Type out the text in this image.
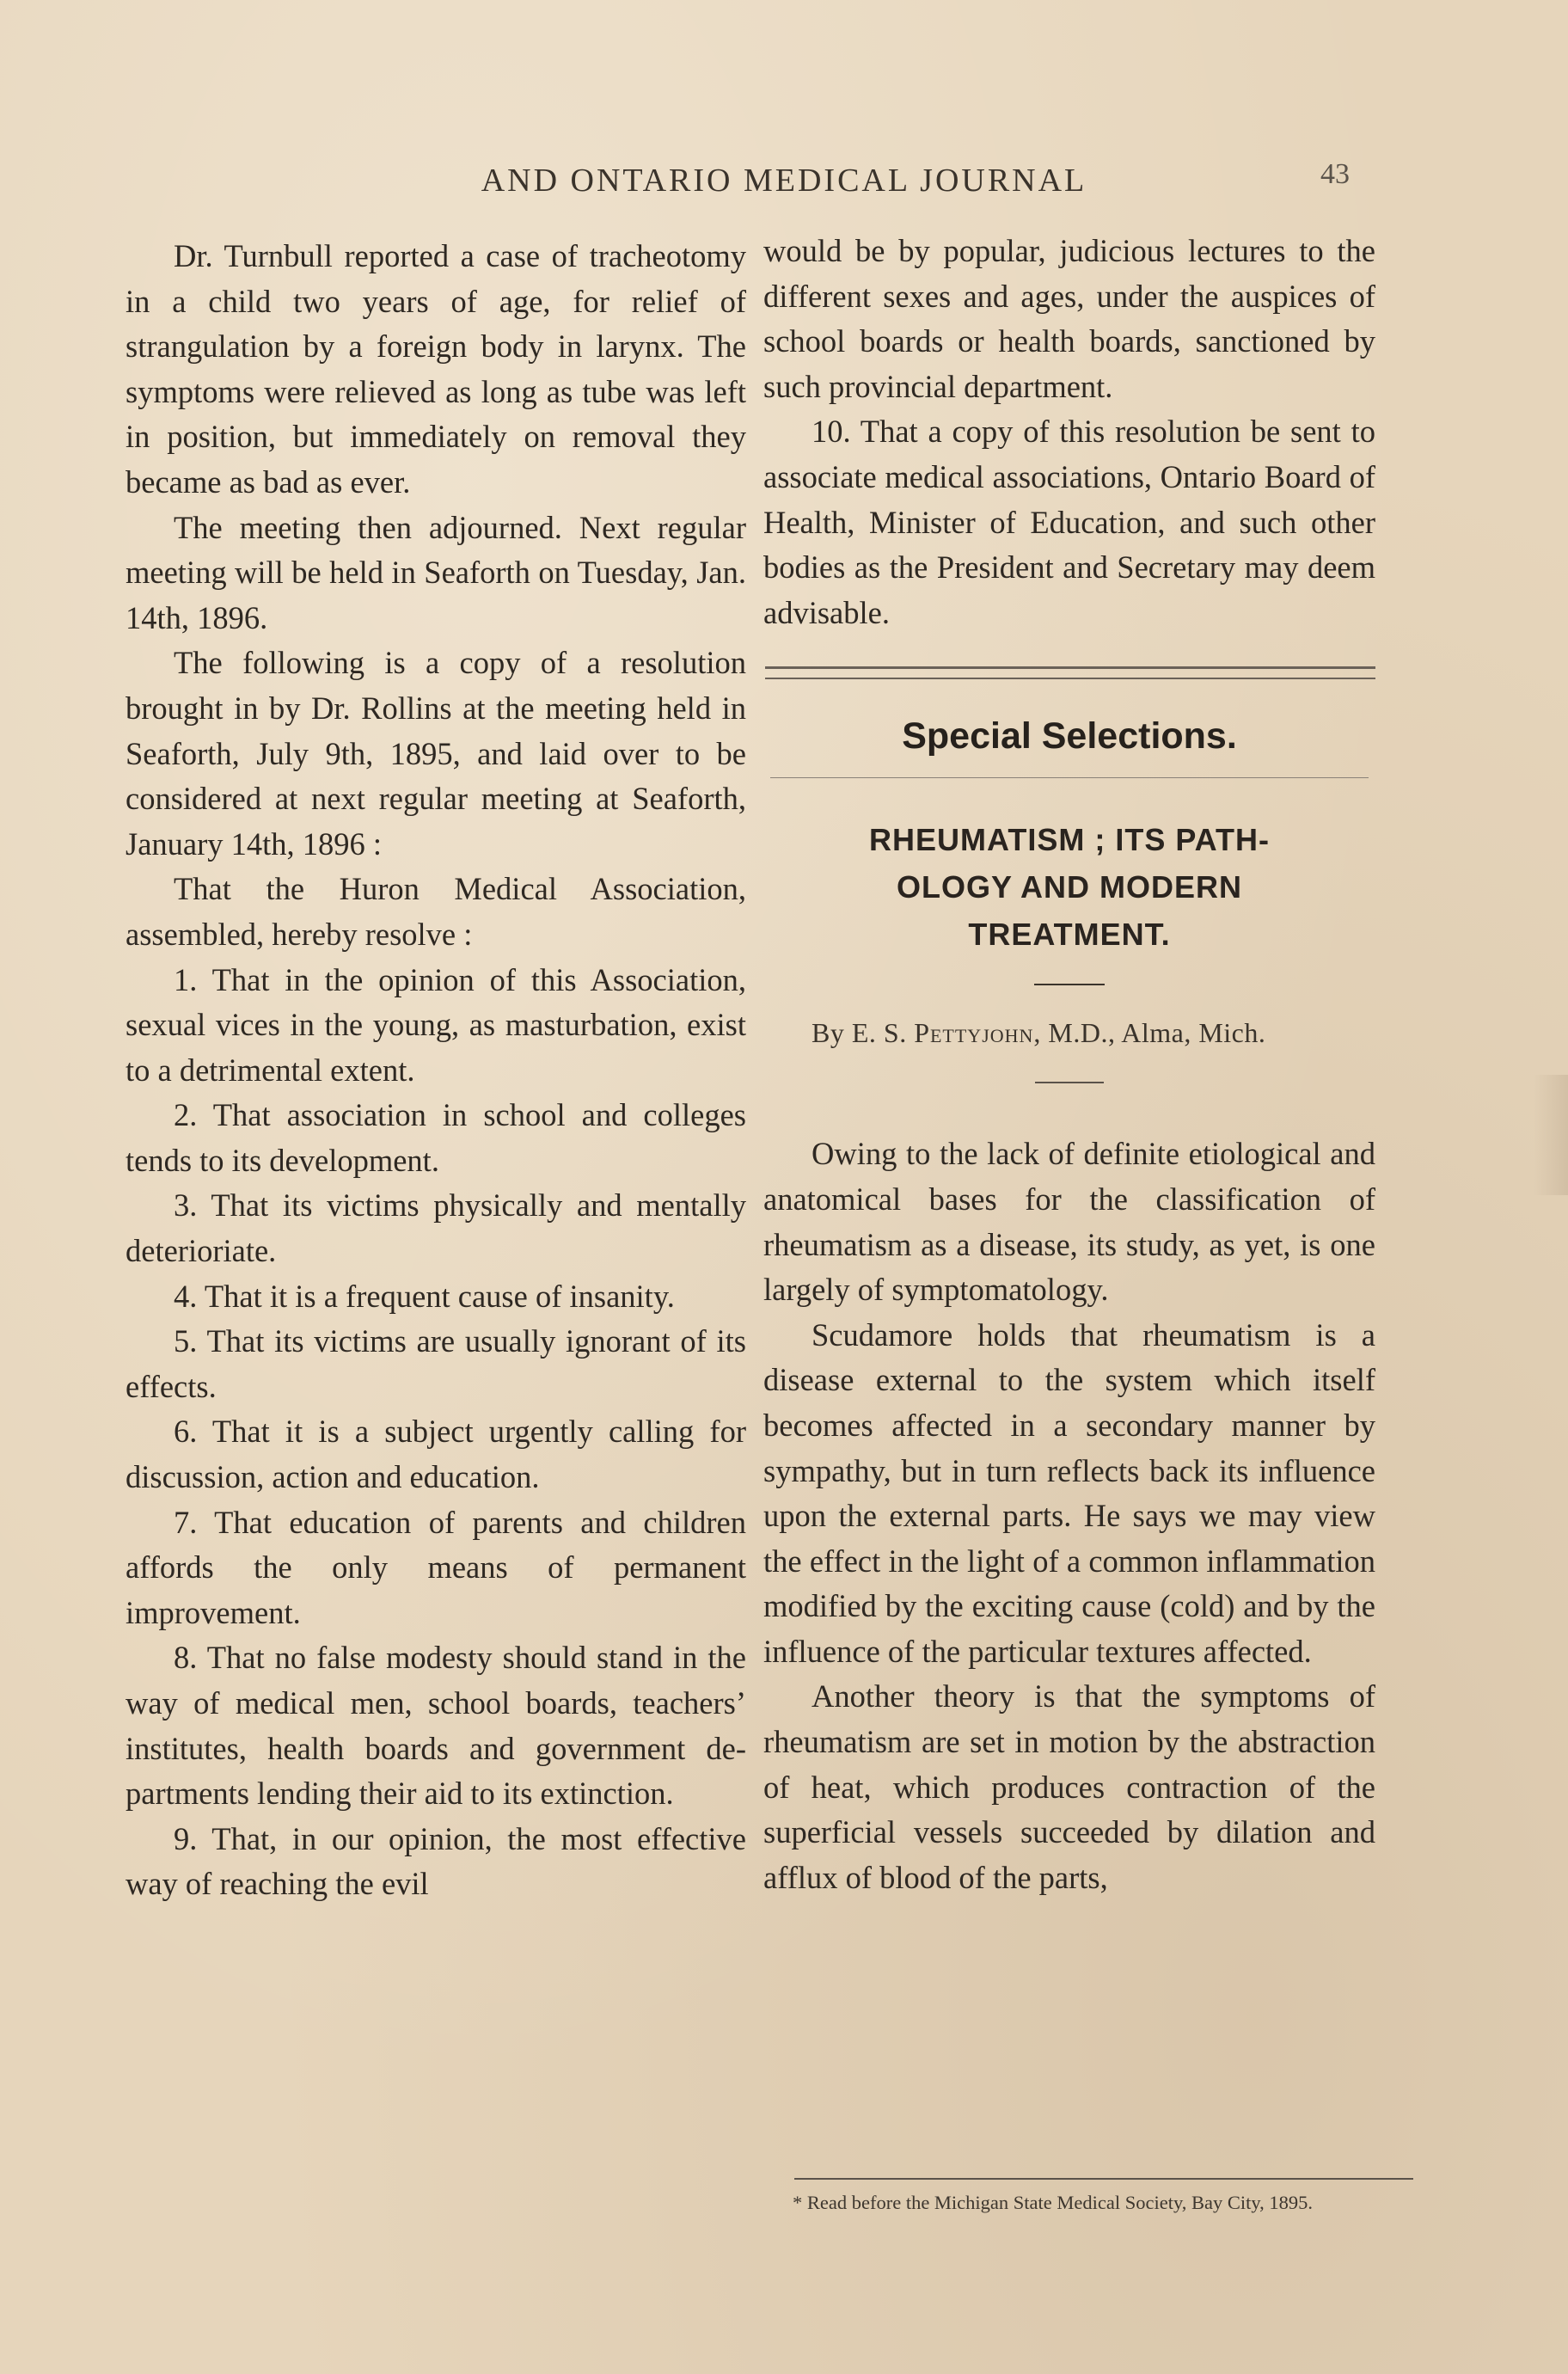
AND ONTARIO MEDICAL JOURNAL	43

Dr. Turnbull reported a case of tracheotomy in a child two years of age, for relief of strangulation by a foreign body in larynx. The symptoms were relieved as long as tube was left in position, but immediately on removal they became as bad as ever.

The meeting then adjourned. Next regular meeting will be held in Seaforth on Tuesday, Jan. 14th, 1896.

The following is a copy of a resolution brought in by Dr. Rollins at the meeting held in Seaforth, July 9th, 1895, and laid over to be considered at next regular meeting at Seaforth, January 14th, 1896 :

That the Huron Medical Association, assembled, hereby resolve :

1. That in the opinion of this Association, sexual vices in the young, as masturbation, exist to a detrimental extent.

2. That association in school and colleges tends to its development.

3. That its victims physically and mentally deterioriate.

4. That it is a frequent cause of insanity.

5. That its victims are usually ignorant of its effects.

6. That it is a subject urgently calling for discussion, action and education.

7. That education of parents and children affords the only means of permanent improvement.

8. That no false modesty should stand in the way of medical men, school boards, teachers’ institutes, health boards and government departments lending their aid to its extinction.

9. That, in our opinion, the most effective way of reaching the evil

would be by popular, judicious lectures to the different sexes and ages, under the auspices of school boards or health boards, sanctioned by such provincial department.

10. That a copy of this resolution be sent to associate medical associations, Ontario Board of Health, Minister of Education, and such other bodies as the President and Secretary may deem advisable.

Special Selections.
RHEUMATISM ; ITS PATH-
OLOGY AND MODERN
TREATMENT.

By E. S. Pettyjohn, M.D., Alma, Mich.

Owing to the lack of definite etiological and anatomical bases for the classification of rheumatism as a disease, its study, as yet, is one largely of symptomatology.

Scudamore holds that rheumatism is a disease external to the system which itself becomes affected in a secondary manner by sympathy, but in turn reflects back its influence upon the external parts. He says we may view the effect in the light of a common inflammation modified by the exciting cause (cold) and by the influence of the particular textures affected.

Another theory is that the symptoms of rheumatism are set in motion by the abstraction of heat, which produces contraction of the superficial vessels succeeded by dilation and afflux of blood of the parts,

* Read before the Michigan State Medical Society, Bay City, 1895.
